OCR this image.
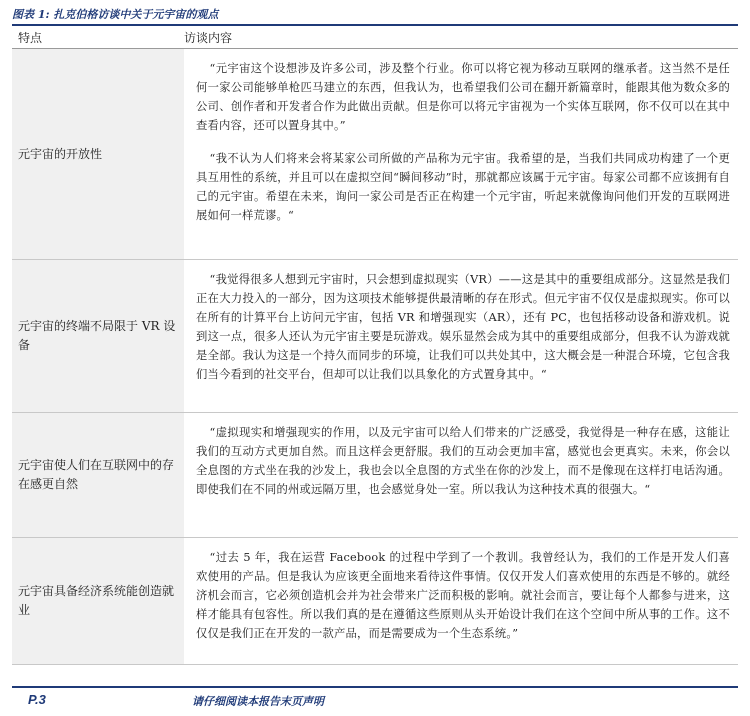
图表 1: 扎克伯格访谈中关于元宇宙的观点
特点	访谈内容
元宇宙的开放性

“元宇宙这个设想涉及许多公司，涉及整个行业。你可以将它视为移动互联网的继承者。这当然不是任何一家公司能够单枪匹马建立的东西，但我认为，也希望我们公司在翻开新篇章时，能跟其他为数众多的公司、创作者和开发者合作为此做出贡献。但是你可以将元宇宙视为一个实体互联网，你不仅可以在其中查看内容，还可以置身其中。”

“我不认为人们将来会将某家公司所做的产品称为元宇宙。我希望的是，当我们共同成功构建了一个更具互用性的系统，并且可以在虚拟空间“瞬间移动”时，那就都应该属于元宇宙。每家公司都不应该拥有自己的元宇宙。希望在未来，询问一家公司是否正在构建一个元宇宙，听起来就像询问他们开发的互联网进展如何一样荒谬。“

元宇宙的终端不局限于 VR 设备

“我觉得很多人想到元宇宙时，只会想到虚拟现实（VR）——这是其中的重要组成部分。这显然是我们正在大力投入的一部分，因为这项技术能够提供最清晰的存在形式。但元宇宙不仅仅是虚拟现实。你可以在所有的计算平台上访问元宇宙，包括 VR 和增强现实（AR），还有 PC，也包括移动设备和游戏机。说到这一点，很多人还认为元宇宙主要是玩游戏。娱乐显然会成为其中的重要组成部分，但我不认为游戏就是全部。我认为这是一个持久而同步的环境，让我们可以共处其中，这大概会是一种混合环境，它包含我们当今看到的社交平台，但却可以让我们以具象化的方式置身其中。“

元宇宙使人们在互联网中的存在感更自然

“虚拟现实和增强现实的作用，以及元宇宙可以给人们带来的广泛感受，我觉得是一种存在感，这能让我们的互动方式更加自然。而且这样会更舒服。我们的互动会更加丰富，感觉也会更真实。未来，你会以全息图的方式坐在我的沙发上，我也会以全息图的方式坐在你的沙发上，而不是像现在这样打电话沟通。即使我们在不同的州或远隔万里，也会感觉身处一室。所以我认为这种技术真的很强大。“

元宇宙具备经济系统能创造就业

“过去 5 年，我在运营 Facebook 的过程中学到了一个教训。我曾经认为，我们的工作是开发人们喜欢使用的产品。但是我认为应该更全面地来看待这件事情。仅仅开发人们喜欢使用的东西是不够的。就经济机会而言，它必须创造机会并为社会带来广泛而积极的影响。就社会而言，要让每个人都参与进来，这样才能具有包容性。所以我们真的是在遵循这些原则从头开始设计我们在这个空间中所从事的工作。这不仅仅是我们正在开发的一款产品，而是需要成为一个生态系统。”

P.3	请仔细阅读本报告末页声明
